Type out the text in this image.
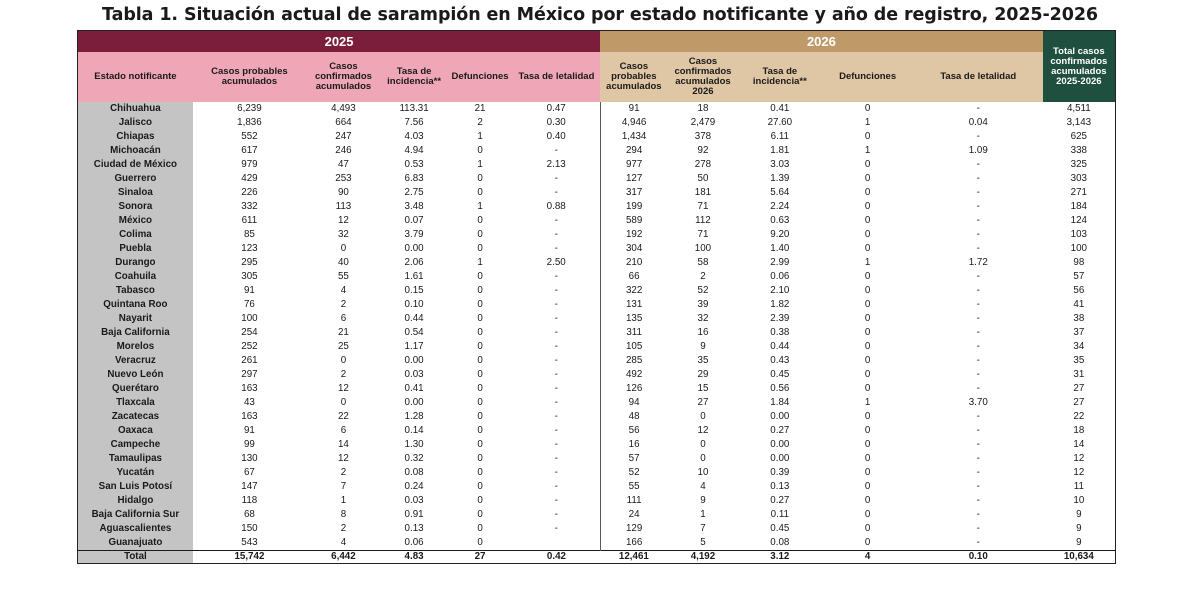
Tabla 1. Situación actual de sarampión en México por estado notificante y año de registro, 2025-2026
2025						2026					Total casos confirmados acumulados 2025-2026
Estado notificante	Casos probables acumulados	Casos confirmados acumulados	Tasa de incidencia**	Defunciones	Tasa de letalidad	Casos probables acumulados	Casos confirmados acumulados 2026	Tasa de incidencia**	Defunciones	Tasa de letalidad	
Chihuahua	6,239	4,493	113.31	21	0.47	91	18	0.41	0	-	4,511
Jalisco	1,836	664	7.56	2	0.30	4,946	2,479	27.60	1	0.04	3,143
Chiapas	552	247	4.03	1	0.40	1,434	378	6.11	0	-	625
Michoacán	617	246	4.94	0	-	294	92	1.81	1	1.09	338
Ciudad de México	979	47	0.53	1	2.13	977	278	3.03	0	-	325
Guerrero	429	253	6.83	0	-	127	50	1.39	0	-	303
Sinaloa	226	90	2.75	0	-	317	181	5.64	0	-	271
Sonora	332	113	3.48	1	0.88	199	71	2.24	0	-	184
México	611	12	0.07	0	-	589	112	0.63	0	-	124
Colima	85	32	3.79	0	-	192	71	9.20	0	-	103
Puebla	123	0	0.00	0	-	304	100	1.40	0	-	100
Durango	295	40	2.06	1	2.50	210	58	2.99	1	1.72	98
Coahuila	305	55	1.61	0	-	66	2	0.06	0	-	57
Tabasco	91	4	0.15	0	-	322	52	2.10	0	-	56
Quintana Roo	76	2	0.10	0	-	131	39	1.82	0	-	41
Nayarit	100	6	0.44	0	-	135	32	2.39	0	-	38
Baja California	254	21	0.54	0	-	311	16	0.38	0	-	37
Morelos	252	25	1.17	0	-	105	9	0.44	0	-	34
Veracruz	261	0	0.00	0	-	285	35	0.43	0	-	35
Nuevo León	297	2	0.03	0	-	492	29	0.45	0	-	31
Querétaro	163	12	0.41	0	-	126	15	0.56	0	-	27
Tlaxcala	43	0	0.00	0	-	94	27	1.84	1	3.70	27
Zacatecas	163	22	1.28	0	-	48	0	0.00	0	-	22
Oaxaca	91	6	0.14	0	-	56	12	0.27	0	-	18
Campeche	99	14	1.30	0	-	16	0	0.00	0	-	14
Tamaulipas	130	12	0.32	0	-	57	0	0.00	0	-	12
Yucatán	67	2	0.08	0	-	52	10	0.39	0	-	12
San Luis Potosí	147	7	0.24	0	-	55	4	0.13	0	-	11
Hidalgo	118	1	0.03	0	-	111	9	0.27	0	-	10
Baja California Sur	68	8	0.91	0	-	24	1	0.11	0	-	9
Aguascalientes	150	2	0.13	0	-	129	7	0.45	0	-	9
Guanajuato	543	4	0.06	0		166	5	0.08	0	-	9
Total	15,742	6,442	4.83	27	0.42	12,461	4,192	3.12	4	0.10	10,634
